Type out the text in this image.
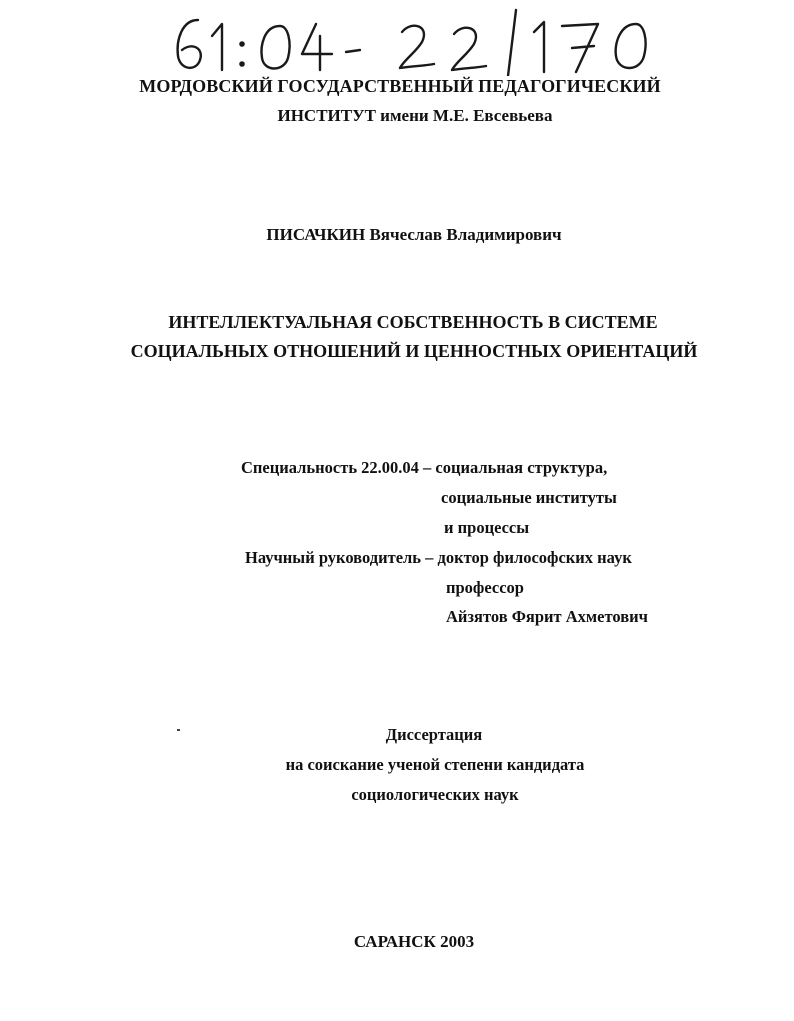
МОРДОВСКИЙ ГОСУДАРСТВЕННЫЙ ПЕДАГОГИЧЕСКИЙ
ИНСТИТУТ имени М.Е. Евсевьева
ПИСАЧКИН Вячеслав Владимирович
ИНТЕЛЛЕКТУАЛЬНАЯ СОБСТВЕННОСТЬ В СИСТЕМЕ
СОЦИАЛЬНЫХ ОТНОШЕНИЙ И ЦЕННОСТНЫХ ОРИЕНТАЦИЙ
Специальность 22.00.04 – социальная структура,
социальные институты
и процессы
Научный руководитель – доктор философских наук
профессор
Айзятов Фярит Ахметович
Диссертация
на соискание ученой степени кандидата
социологических наук
САРАНСК 2003
